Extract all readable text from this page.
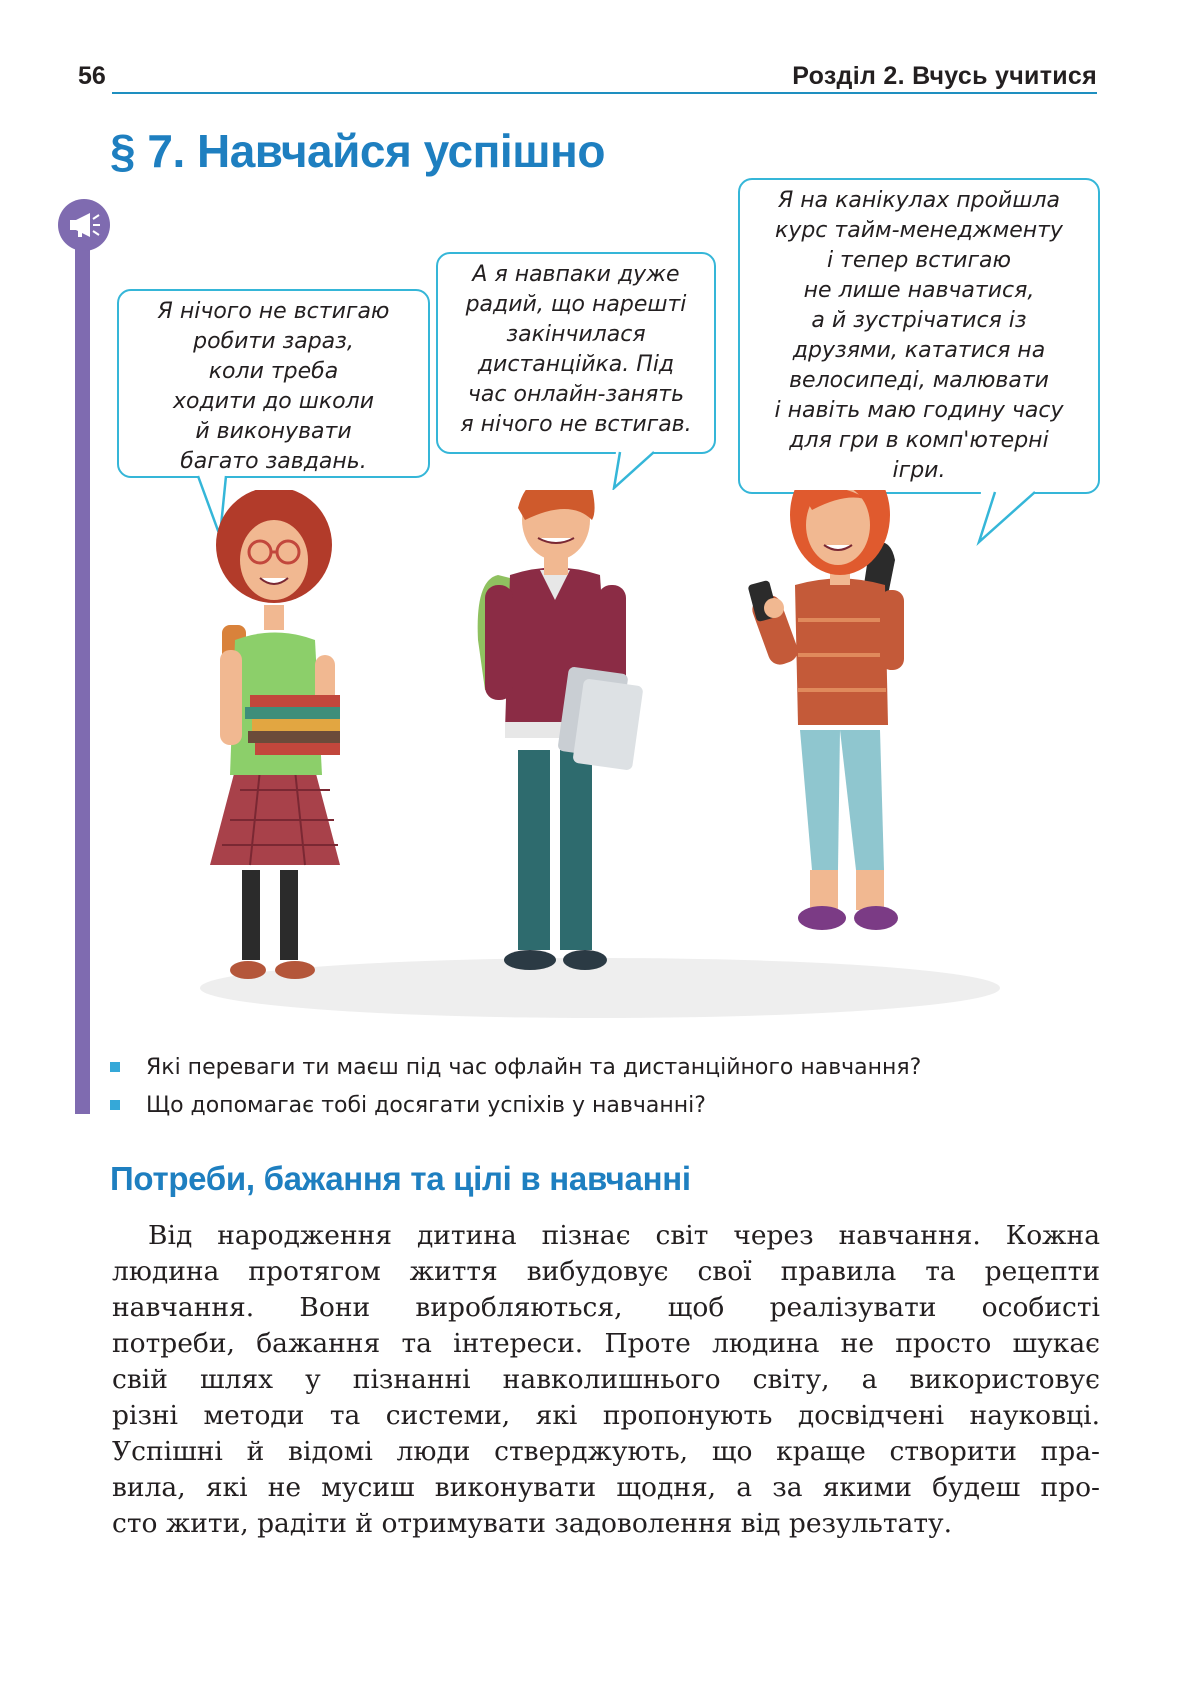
56	Розділ 2. Вчусь учитися
§ 7. Навчайся успішно
Я нічого не встигаю
робити зараз,
коли треба
ходити до школи
й виконувати
багато завдань.
А я навпаки дуже
радий, що нарешті
закінчилася
дистанційка. Під
час онлайн-занять
я нічого не встигав.
Я на канікулах пройшла
курс тайм-менеджменту
і тепер встигаю
не лише навчатися,
а й зустрічатися із
друзями, кататися на
велосипеді, малювати
і навіть маю годину часу
для гри в комп'ютерні
ігри.
Які переваги ти маєш під час офлайн та дистанційного навчання?
Що допомагає тобі досягати успіхів у навчанні?
Потреби, бажання та цілі в навчанні
Від народження дитина пізнає світ через навчання. Кожна
людина протягом життя вибудовує свої правила та рецепти
навчання. Вони виробляються, щоб реалізувати особисті
потреби, бажання та інтереси. Проте людина не просто шукає
свій шлях у пізнанні навколишнього світу, а використовує
різні методи та системи, які пропонують досвідчені науковці.
Успішні й відомі люди стверджують, що краще створити пра-
вила, які не мусиш виконувати щодня, а за якими будеш про-
сто жити, радіти й отримувати задоволення від результату.
